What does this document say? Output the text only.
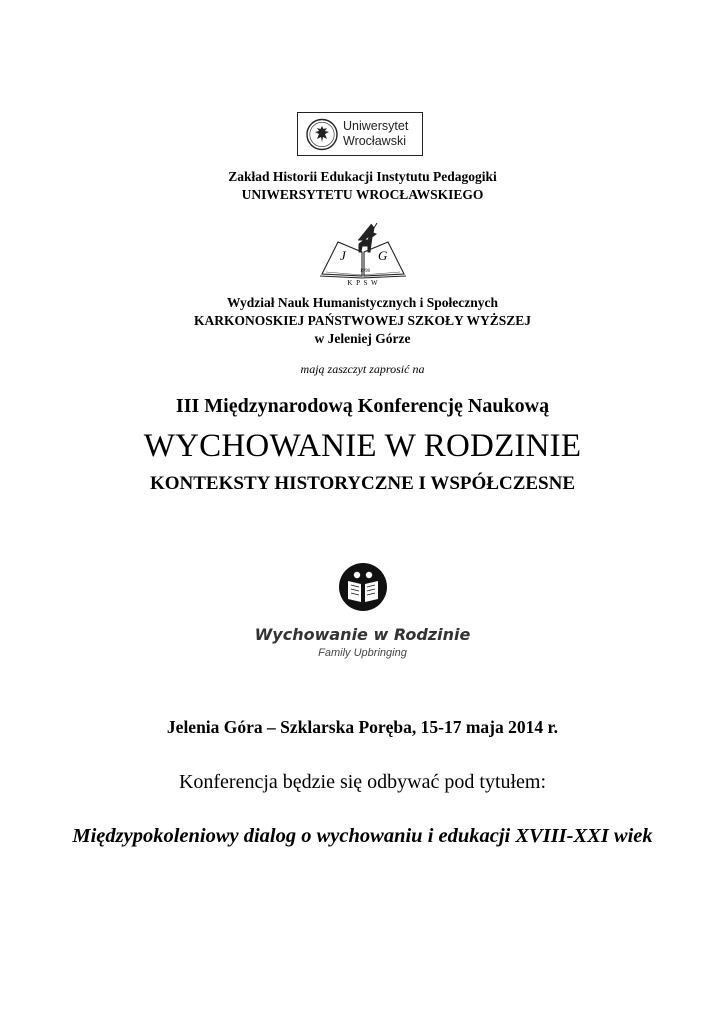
Uniwersytet
Wrocławski
Zakład Historii Edukacji Instytutu Pedagogiki
UNIWERSYTETU WROCŁAWSKIEGO
1998
J G
K P S W
Wydział Nauk Humanistycznych i Społecznych
KARKONOSKIEJ PAŃSTWOWEJ SZKOŁY WYŻSZEJ
w Jeleniej Górze
mają zaszczyt zaprosić na
III Międzynarodową Konferencję Naukową
WYCHOWANIE W RODZINIE
KONTEKSTY HISTORYCZNE I WSPÓŁCZESNE
Wychowanie w Rodzinie
Family Upbringing
Jelenia Góra – Szklarska Poręba, 15-17 maja 2014 r.
Konferencja będzie się odbywać pod tytułem:
Międzypokoleniowy dialog o wychowaniu i edukacji XVIII-XXI wiek
